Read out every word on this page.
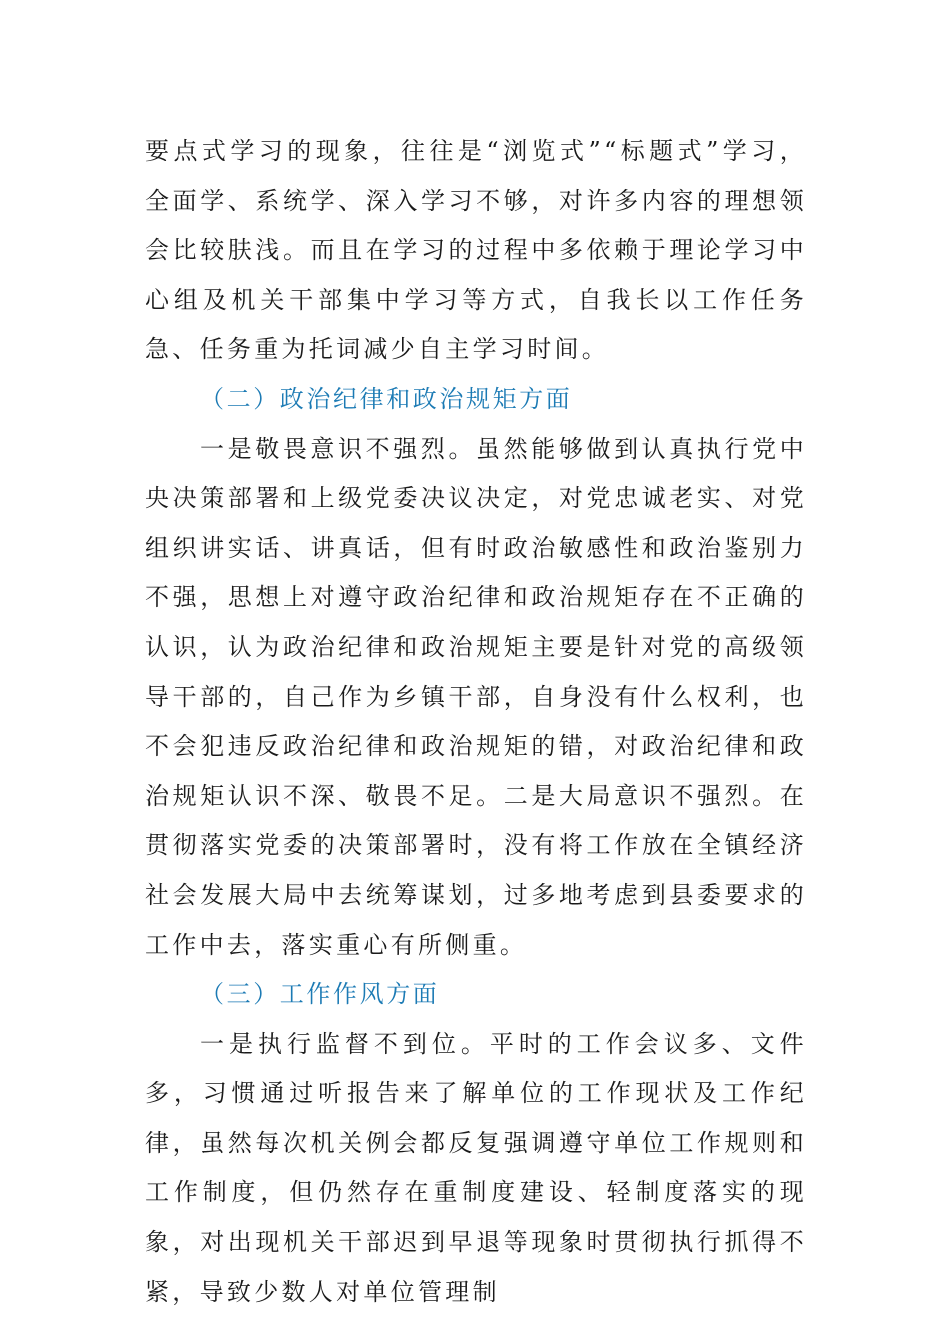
要点式学习的现象，往往是“浏览式”“标题式”学习，全面学、系统学、深入学习不够，对许多内容的理想领会比较肤浅。而且在学习的过程中多依赖于理论学习中心组及机关干部集中学习等方式，自我长以工作任务急、任务重为托词减少自主学习时间。

（二）政治纪律和政治规矩方面

一是敬畏意识不强烈。虽然能够做到认真执行党中央决策部署和上级党委决议决定，对党忠诚老实、对党组织讲实话、讲真话，但有时政治敏感性和政治鉴别力不强，思想上对遵守政治纪律和政治规矩存在不正确的认识，认为政治纪律和政治规矩主要是针对党的高级领导干部的，自己作为乡镇干部，自身没有什么权利，也不会犯违反政治纪律和政治规矩的错，对政治纪律和政治规矩认识不深、敬畏不足。二是大局意识不强烈。在贯彻落实党委的决策部署时，没有将工作放在全镇经济社会发展大局中去统筹谋划，过多地考虑到县委要求的工作中去，落实重心有所侧重。

（三）工作作风方面

一是执行监督不到位。平时的工作会议多、文件多，习惯通过听报告来了解单位的工作现状及工作纪律，虽然每次机关例会都反复强调遵守单位工作规则和工作制度，但仍然存在重制度建设、轻制度落实的现象，对出现机关干部迟到早退等现象时贯彻执行抓得不紧，导致少数人对单位管理制
